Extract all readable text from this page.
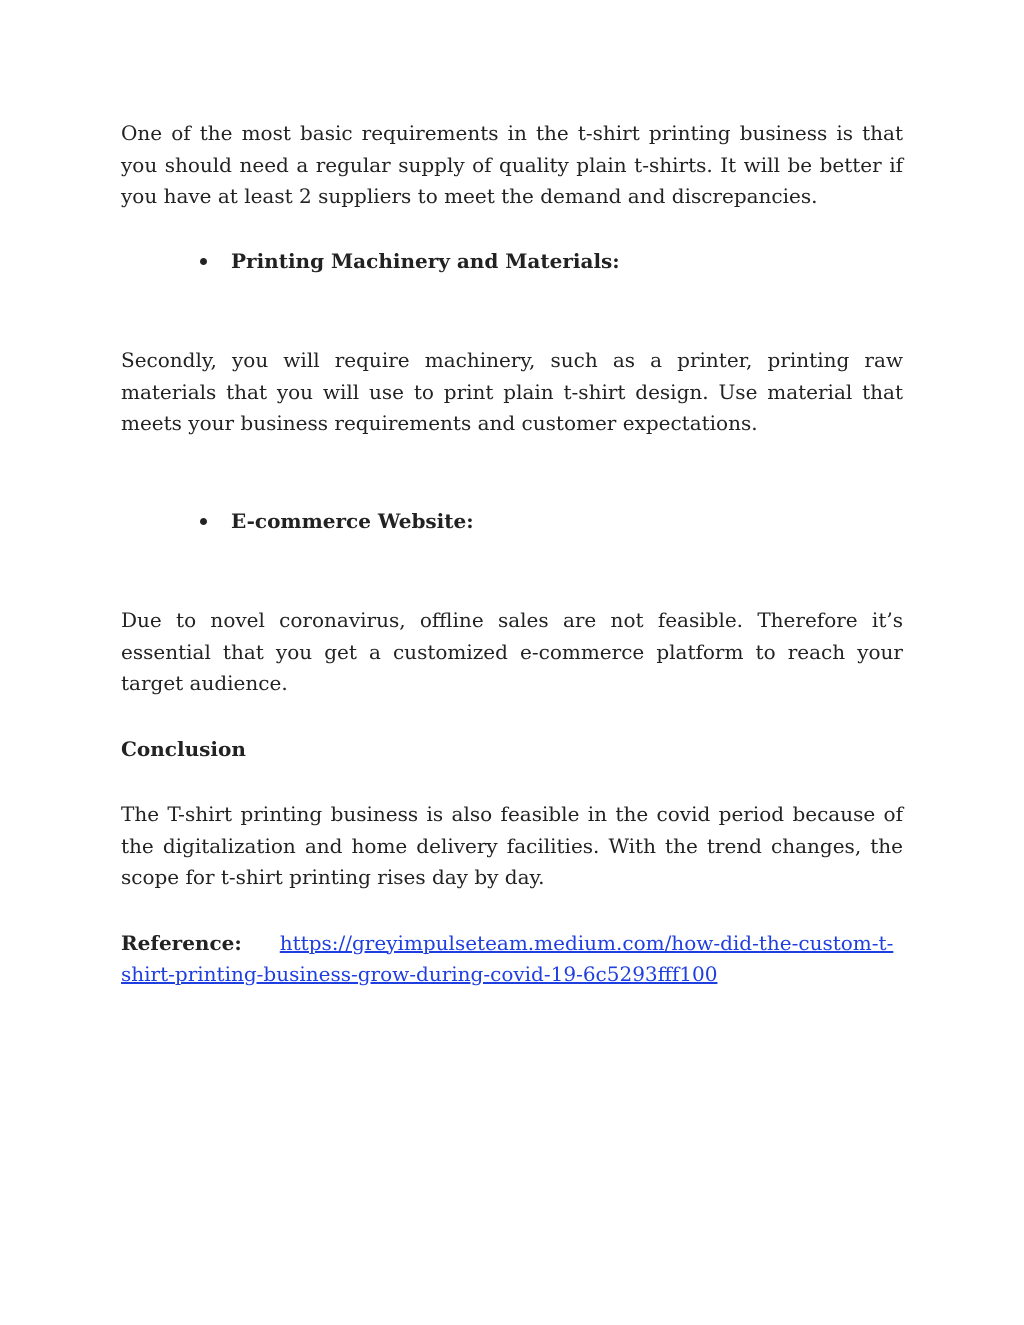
One of the most basic requirements in the t-shirt printing business is that you should need a regular supply of quality plain t-shirts. It will be better if you have at least 2 suppliers to meet the demand and discrepancies.

Printing Machinery and Materials:

Secondly, you will require machinery, such as a printer, printing raw materials that you will use to print plain t-shirt design. Use material that meets your business requirements and customer expectations.

E-commerce Website:

Due to novel coronavirus, offline sales are not feasible. Therefore it’s essential that you get a customized e-commerce platform to reach your target audience.

Conclusion

The T-shirt printing business is also feasible in the covid period because of the digitalization and home delivery facilities. With the trend changes, the scope for t-shirt printing rises day by day.

Reference: https://greyimpulseteam.medium.com/how-did-the-custom-t-shirt-printing-business-grow-during-covid-19-6c5293fff100
